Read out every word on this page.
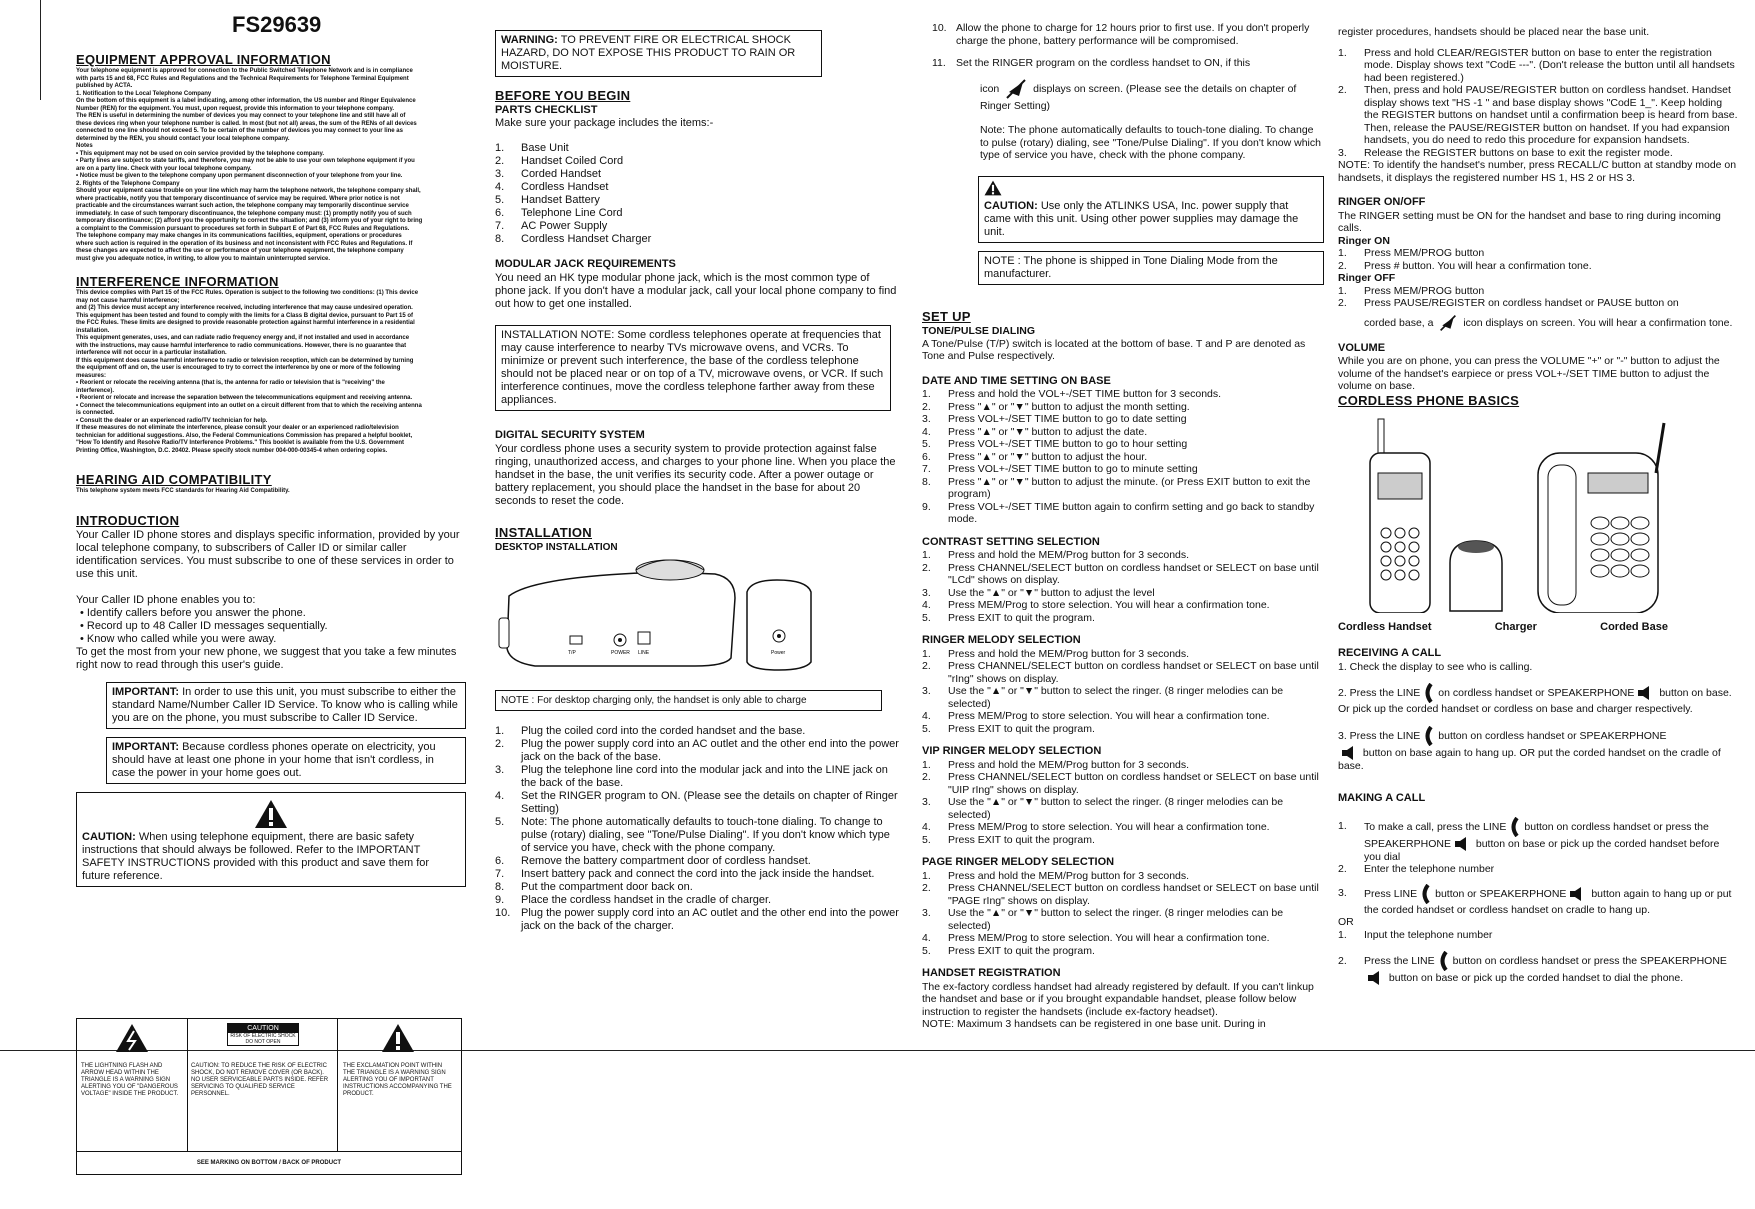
FS29639
EQUIPMENT APPROVAL INFORMATION

Your telephone equipment is approved for connection to the Public Switched Telephone Network and is in compliance

with parts 15 and 68, FCC Rules and Regulations and the Technical Requirements for Telephone Terminal Equipment

published by ACTA.

1. Notification to the Local Telephone Company

On the bottom of this equipment is a label indicating, among other information, the US number and Ringer Equivalence

Number (REN) for the equipment. You must, upon request, provide this information to your telephone company.

The REN is useful in determining the number of devices you may connect to your telephone line and still have all of

these devices ring when your telephone number is called. In most (but not all) areas, the sum of the RENs of all devices

connected to one line should not exceed 5. To be certain of the number of devices you may connect to your line as

determined by the REN, you should contact your local telephone company.

Notes

• This equipment may not be used on coin service provided by the telephone company.

• Party lines are subject to state tariffs, and therefore, you may not be able to use your own telephone equipment if you

are on a party line. Check with your local telephone company.

• Notice must be given to the telephone company upon permanent disconnection of your telephone from your line.

2. Rights of the Telephone Company

Should your equipment cause trouble on your line which may harm the telephone network, the telephone company shall,

where practicable, notify you that temporary discontinuance of service may be required. Where prior notice is not

practicable and the circumstances warrant such action, the telephone company may temporarily discontinue service

immediately. In case of such temporary discontinuance, the telephone company must: (1) promptly notify you of such

temporary discontinuance; (2) afford you the opportunity to correct the situation; and (3) inform you of your right to bring

a complaint to the Commission pursuant to procedures set forth in Subpart E of Part 68, FCC Rules and Regulations.

The telephone company may make changes in its communications facilities, equipment, operations or procedures

where such action is required in the operation of its business and not inconsistent with FCC Rules and Regulations. If

these changes are expected to affect the use or performance of your telephone equipment, the telephone company

must give you adequate notice, in writing, to allow you to maintain uninterrupted service.

INTERFERENCE INFORMATION

This device complies with Part 15 of the FCC Rules. Operation is subject to the following two conditions: (1) This device

may not cause harmful interference;

and (2) This device must accept any interference received, including interference that may cause undesired operation.

This equipment has been tested and found to comply with the limits for a Class B digital device, pursuant to Part 15 of

the FCC Rules. These limits are designed to provide reasonable protection against harmful interference in a residential

installation.

This equipment generates, uses, and can radiate radio frequency energy and, if not installed and used in accordance

with the instructions, may cause harmful interference to radio communications. However, there is no guarantee that

interference will not occur in a particular installation.

If this equipment does cause harmful interference to radio or television reception, which can be determined by turning

the equipment off and on, the user is encouraged to try to correct the interference by one or more of the following

measures:

• Reorient or relocate the receiving antenna (that is, the antenna for radio or television that is "receiving" the

interference).

• Reorient or relocate and increase the separation between the telecommunications equipment and receiving antenna.

• Connect the telecommunications equipment into an outlet on a circuit different from that to which the receiving antenna

is connected.

• Consult the dealer or an experienced radio/TV technician for help.

If these measures do not eliminate the interference, please consult your dealer or an experienced radio/television

technician for additional suggestions. Also, the Federal Communications Commission has prepared a helpful booklet,

"How To Identify and Resolve Radio/TV Interference Problems." This booklet is available from the U.S. Government

Printing Office, Washington, D.C. 20402. Please specify stock number 004-000-00345-4 when ordering copies.

HEARING AID COMPATIBILITY

This telephone system meets FCC standards for Hearing Aid Compatibility.

INTRODUCTION

Your Caller ID phone stores and displays specific information, provided by your local telephone company, to subscribers of Caller ID or similar caller identification services. You must subscribe to one of these services in order to use this unit.

Your Caller ID phone enables you to:

• Identify callers before you answer the phone.
• Record up to 48 Caller ID messages sequentially.
• Know who called while you were away.

To get the most from your new phone, we suggest that you take a few minutes right now to read through this user's guide.

IMPORTANT: In order to use this unit, you must subscribe to either the standard Name/Number Caller ID Service. To know who is calling while you are on the phone, you must subscribe to Caller ID Service.
IMPORTANT: Because cordless phones operate on electricity, you should have at least one phone in your home that isn't cordless, in case the power in your home goes out.
CAUTION: When using telephone equipment, there are basic safety instructions that should always be followed. Refer to the IMPORTANT SAFETY INSTRUCTIONS provided with this product and save them for future reference.
THE LIGHTNING FLASH AND ARROW HEAD WITHIN THE TRIANGLE IS A WARNING SIGN ALERTING YOU OF "DANGEROUS VOLTAGE" INSIDE THE PRODUCT.
CAUTION
RISK OF ELECTRIC SHOCK DO NOT OPEN
CAUTION: TO REDUCE THE RISK OF ELECTRIC SHOCK, DO NOT REMOVE COVER (OR BACK). NO USER SERVICEABLE PARTS INSIDE. REFER SERVICING TO QUALIFIED SERVICE PERSONNEL.
THE EXCLAMATION POINT WITHIN THE TRIANGLE IS A WARNING SIGN ALERTING YOU OF IMPORTANT INSTRUCTIONS ACCOMPANYING THE PRODUCT.
SEE MARKING ON BOTTOM / BACK OF PRODUCT
WARNING: TO PREVENT FIRE OR ELECTRICAL SHOCK HAZARD, DO NOT EXPOSE THIS PRODUCT TO RAIN OR MOISTURE.
BEFORE YOU BEGIN
PARTS CHECKLIST
Make sure your package includes the items:-
1. Base Unit
2. Handset Coiled Cord
3. Corded Handset
4. Cordless Handset
5. Handset Battery
6. Telephone Line Cord
7. AC Power Supply
8. Cordless Handset Charger
MODULAR JACK REQUIREMENTS

You need an HK type modular phone jack, which is the most common type of phone jack. If you don't have a modular jack, call your local phone company to find out how to get one installed.

INSTALLATION NOTE: Some cordless telephones operate at frequencies that may cause interference to nearby TVs microwave ovens, and VCRs. To minimize or prevent such interference, the base of the cordless telephone should not be placed near or on top of a TV, microwave ovens, or VCR. If such interference continues, move the cordless telephone farther away from these appliances.
DIGITAL SECURITY SYSTEM

Your cordless phone uses a security system to provide protection against false ringing, unauthorized access, and charges to your phone line. When you place the handset in the base, the unit verifies its security code. After a power outage or battery replacement, you should place the handset in the base for about 20 seconds to reset the code.

INSTALLATION
DESKTOP INSTALLATION
T/P	POWER LINE	Power
NOTE : For desktop charging only, the handset is only able to charge
1. Plug the coiled cord into the corded handset and the base.
2. Plug the power supply cord into an AC outlet and the other end into the power jack on the back of the base.
3. Plug the telephone line cord into the modular jack and into the LINE jack on the back of the base.
4. Set the RINGER program to ON. (Please see the details on chapter of Ringer Setting)
5. Note: The phone automatically defaults to touch-tone dialing. To change to pulse (rotary) dialing, see "Tone/Pulse Dialing". If you don't know which type of service you have, check with the phone company.
6. Remove the battery compartment door of cordless handset.
7. Insert battery pack and connect the cord into the jack inside the handset.
8. Put the compartment door back on.
9. Place the cordless handset in the cradle of charger.
10. Plug the power supply cord into an AC outlet and the other end into the power jack on the back of the charger.
10. Allow the phone to charge for 12 hours prior to first use. If you don't properly charge the phone, battery performance will be compromised.
11. Set the RINGER program on the cordless handset to ON, if this
icon	displays on screen. (Please see the details on chapter of Ringer Setting)

Note: The phone automatically defaults to touch-tone dialing. To change to pulse (rotary) dialing, see "Tone/Pulse Dialing". If you don't know which type of service you have, check with the phone company.

CAUTION: Use only the ATLINKS USA, Inc. power supply that came with this unit. Using other power supplies may damage the unit.
NOTE : The phone is shipped in Tone Dialing Mode from the manufacturer.
SET UP
TONE/PULSE DIALING

A Tone/Pulse (T/P) switch is located at the bottom of base. T and P are denoted as Tone and Pulse respectively.

DATE AND TIME SETTING ON BASE
1. Press and hold the VOL+-/SET TIME button for 3 seconds.
2. Press "▲" or "▼" button to adjust the month setting.
3. Press VOL+-/SET TIME button to go to date setting
4. Press "▲" or "▼" button to adjust the date.
5. Press VOL+-/SET TIME button to go to hour setting
6. Press "▲" or "▼" button to adjust the hour.
7. Press VOL+-/SET TIME button to go to minute setting
8. Press "▲" or "▼" button to adjust the minute. (or Press EXIT button to exit the program)
9. Press VOL+-/SET TIME button again to confirm setting and go back to standby mode.
CONTRAST SETTING SELECTION
1. Press and hold the MEM/Prog button for 3 seconds.
2. Press CHANNEL/SELECT button on cordless handset or SELECT on base until "LCd" shows on display.
3. Use the "▲" or "▼" button to adjust the level
4. Press MEM/Prog to store selection. You will hear a confirmation tone.
5. Press EXIT to quit the program.
RINGER MELODY SELECTION
1. Press and hold the MEM/Prog button for 3 seconds.
2. Press CHANNEL/SELECT button on cordless handset or SELECT on base until "rIng" shows on display.
3. Use the "▲" or "▼" button to select the ringer. (8 ringer melodies can be selected)
4. Press MEM/Prog to store selection. You will hear a confirmation tone.
5. Press EXIT to quit the program.
VIP RINGER MELODY SELECTION
1. Press and hold the MEM/Prog button for 3 seconds.
2. Press CHANNEL/SELECT button on cordless handset or SELECT on base until "UIP rIng" shows on display.
3. Use the "▲" or "▼" button to select the ringer. (8 ringer melodies can be selected)
4. Press MEM/Prog to store selection. You will hear a confirmation tone.
5. Press EXIT to quit the program.
PAGE RINGER MELODY SELECTION
1. Press and hold the MEM/Prog button for 3 seconds.
2. Press CHANNEL/SELECT button on cordless handset or SELECT on base until "PAGE rIng" shows on display.
3. Use the "▲" or "▼" button to select the ringer. (8 ringer melodies can be selected)
4. Press MEM/Prog to store selection. You will hear a confirmation tone.
5. Press EXIT to quit the program.
HANDSET REGISTRATION

The ex-factory cordless handset had already registered by default. If you can't linkup the handset and base or if you brought expandable handset, please follow below instruction to register the handsets (include ex-factory headset).

NOTE: Maximum 3 handsets can be registered in one base unit. During in

register procedures, handsets should be placed near the base unit.

1. Press and hold CLEAR/REGISTER button on base to enter the registration mode. Display shows text "CodE ---". (Don't release the button until all handsets had been registered.)
2. Then, press and hold PAUSE/REGISTER button on cordless handset. Handset display shows text "HS -1 " and base display shows "CodE 1_". Keep holding the REGISTER buttons on handset until a confirmation beep is heard from base. Then, release the PAUSE/REGISTER button on handset. If you had expansion handsets, you do need to redo this procedure for expansion handsets.
3. Release the REGISTER buttons on base to exit the register mode.

NOTE: To identify the handset's number, press RECALL/C button at standby mode on handsets, it displays the registered number HS 1, HS 2 or HS 3.

RINGER ON/OFF

The RINGER setting must be ON for the handset and base to ring during incoming calls.

Ringer ON
1. Press MEM/PROG button
2. Press # button. You will hear a confirmation tone.
Ringer OFF
1. Press MEM/PROG button
2. Press PAUSE/REGISTER on cordless handset or PAUSE button on
corded base, a	icon displays on screen. You will hear a confirmation tone.
VOLUME

While you are on phone, you can press the VOLUME "+" or "-" button to adjust the volume of the handset's earpiece or press VOL+-/SET TIME button to adjust the volume on base.

CORDLESS PHONE BASICS
Cordless Handset	Charger	Corded Base
RECEIVING A CALL

1. Check the display to see who is calling.

2. Press the LINE on cordless handset or SPEAKERPHONE button on base. Or pick up the corded handset or cordless on base and charger respectively.

3. Press the LINE button on cordless handset or SPEAKERPHONE
button on base again to hang up. OR put the corded handset on the cradle of base.

MAKING A CALL
1. To make a call, press the LINE button on cordless handset or press the SPEAKERPHONE button on base or pick up the corded handset before you dial
2. Enter the telephone number
3. Press LINE button or SPEAKERPHONE button again to hang up or put the corded handset or cordless handset on cradle to hang up.
OR
1. Input the telephone number
2. Press the LINE button on cordless handset or press the SPEAKERPHONE button on base or pick up the corded handset to dial the phone.
